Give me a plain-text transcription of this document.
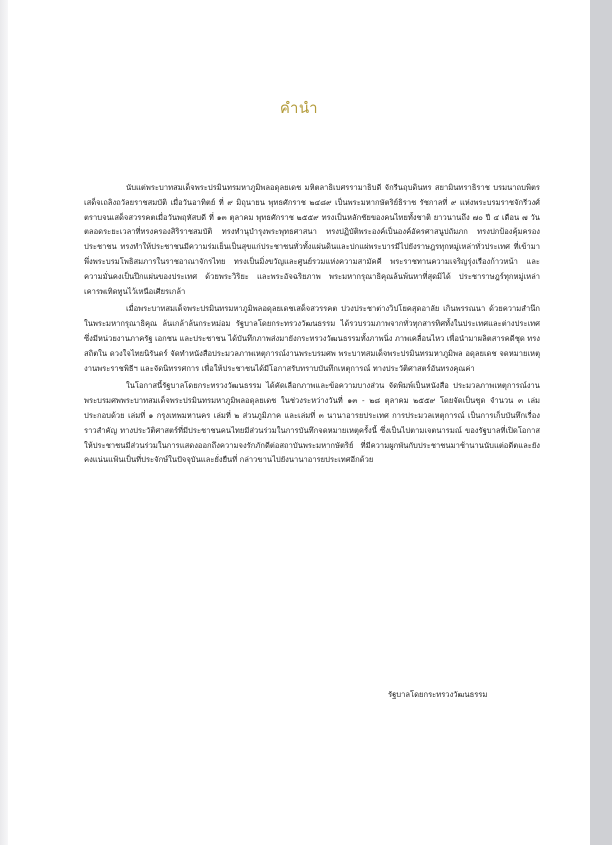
คำนำ

นับแต่พระบาทสมเด็จพระปรมินทรมหาภูมิพลอดุลยเดช มหิตลาธิเบศรรามาธิบดี จักรีนฤบดินทร สยามินทราธิราช บรมนาถบพิตร เสด็จเถลิงถวัลยราชสมบัติ เมื่อวันอาทิตย์ ที่ ๙ มิถุนายน พุทธศักราช ๒๔๘๙ เป็นพระมหากษัตริย์ธิราช รัชกาลที่ ๙ แห่งพระบรมราชจักรีวงศ์ ตราบจนเสด็จสวรรคตเมื่อวันพฤหัสบดี ที่ ๑๓ ตุลาคม พุทธศักราช ๒๕๕๙ ทรงเป็นหลักชัยของคนไทยทั้งชาติ ยาวนานถึง ๗๐ ปี ๔ เดือน ๗ วัน ตลอดระยะเวลาที่ทรงครองสิริราชสมบัติ ทรงทำนุบำรุงพระพุทธศาสนา ทรงปฏิบัติพระองค์เป็นองค์อัครศาสนูปถัมภก ทรงปกป้องคุ้มครองประชาชน ทรงทำให้ประชาชนมีความร่มเย็นเป็นสุขแก่ประชาชนทั่วทั้งแผ่นดินและปกแผ่พระบารมีไปยังราษฎรทุกหมู่เหล่าทั่วประเทศ ที่เข้ามาพึ่งพระบรมโพธิสมภารในราชอาณาจักรไทย ทรงเป็นมิ่งขวัญและศูนย์รวมแห่งความสามัคคี พระราชทานความเจริญรุ่งเรืองก้าวหน้า และความมั่นคงเป็นปึกแผ่นของประเทศ ด้วยพระวิริยะ และพระอัจฉริยภาพ พระมหากรุณาธิคุณล้นพ้นหาที่สุดมิได้ ประชาราษฎร์ทุกหมู่เหล่า เคารพเทิดทูนไว้เหนือเศียรเกล้า

เมื่อพระบาทสมเด็จพระปรมินทรมหาภูมิพลอดุลยเดชเสด็จสวรรคต ปวงประชาต่างวิปโยคสุดอาลัย เกินพรรณนา ด้วยความสำนึกในพระมหากรุณาธิคุณ ล้นเกล้าล้นกระหม่อม รัฐบาลโดยกระทรวงวัฒนธรรม ได้รวบรวมภาพจากทั่วทุกสารทิศทั้งในประเทศและต่างประเทศ ซึ่งมีหน่วยงานภาครัฐ เอกชน และประชาชน ได้บันทึกภาพส่งมายังกระทรวงวัฒนธรรมทั้งภาพนิ่ง ภาพเคลื่อนไหว เพื่อนำมาผลิตสารคดีชุด ทรงสถิตใน ดวงใจไทยนิรันดร์ จัดทำหนังสือประมวลภาพเหตุการณ์งานพระบรมศพ พระบาทสมเด็จพระปรมินทรมหาภูมิพล อดุลยเดช จดหมายเหตุงานพระราชพิธีฯ และจัดนิทรรศการ เพื่อให้ประชาชนได้มีโอกาสรับทราบบันทึกเหตุการณ์ ทางประวัติศาสตร์อันทรงคุณค่า

ในโอกาสนี้รัฐบาลโดยกระทรวงวัฒนธรรม ได้คัดเลือกภาพและข้อความบางส่วน จัดพิมพ์เป็นหนังสือ ประมวลภาพเหตุการณ์งานพระบรมศพพระบาทสมเด็จพระปรมินทรมหาภูมิพลอดุลยเดช ในช่วงระหว่างวันที่ ๑๓ - ๒๘ ตุลาคม ๒๕๕๙ โดยจัดเป็นชุด จำนวน ๓ เล่ม ประกอบด้วย เล่มที่ ๑ กรุงเทพมหานคร เล่มที่ ๒ ส่วนภูมิภาค และเล่มที่ ๓ นานาอารยประเทศ การประมวลเหตุการณ์ เป็นการเก็บบันทึกเรื่องราวสำคัญ ทางประวัติศาสตร์ที่มีประชาชนคนไทยมีส่วนร่วมในการบันทึกจดหมายเหตุครั้งนี้ ซึ่งเป็นไปตามเจตนารมณ์ ของรัฐบาลที่เปิดโอกาสให้ประชาชนมีส่วนร่วมในการแสดงออกถึงความจงรักภักดีต่อสถาบันพระมหากษัตริย์ ที่มีความผูกพันกับประชาชนมาช้านานนับแต่อดีตและยังคงแน่นแฟ้นเป็นที่ประจักษ์ในปัจจุบันและยั่งยืนที่ กล่าวขานไปยังนานาอารยประเทศอีกด้วย

รัฐบาลโดยกระทรวงวัฒนธรรม
